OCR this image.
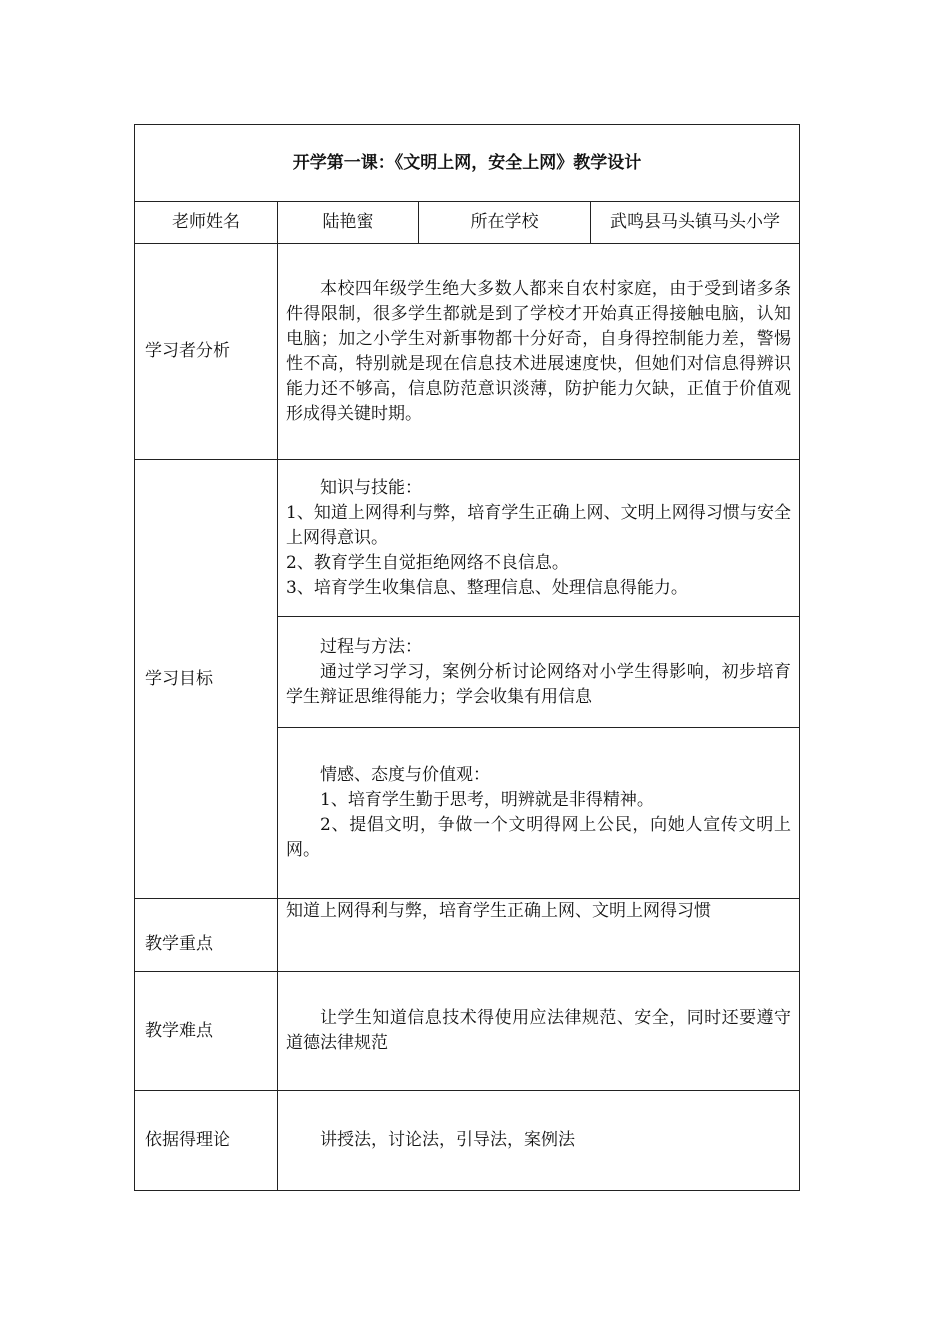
开学第一课：《文明上网，安全上网》教学设计			
老师姓名	陆艳蜜	所在学校	武鸣县马头镇马头小学
学习者分析	本校四年级学生绝大多数人都来自农村家庭，由于受到诸多条件得限制，很多学生都就是到了学校才开始真正得接触电脑，认知电脑；加之小学生对新事物都十分好奇，自身得控制能力差，警惕性不高，特别就是现在信息技术进展速度快，但她们对信息得辨识能力还不够高，信息防范意识淡薄，防护能力欠缺，正值于价值观形成得关键时期。		

学习目标	知识与技能：

1、知道上网得利与弊，培育学生正确上网、文明上网得习惯与安全上网得意识。

2、教育学生自觉拒绝网络不良信息。

3、培育学生收集信息、整理信息、处理信息得能力。		

	过程与方法：

通过学习学习，案例分析讨论网络对小学生得影响，初步培育学生辩证思维得能力；学会收集有用信息		

	情感、态度与价值观：

1、培育学生勤于思考，明辨就是非得精神。

2、提倡文明，争做一个文明得网上公民，向她人宣传文明上网。		

教学重点	知道上网得利与弊，培育学生正确上网、文明上网得习惯		

教学难点	让学生知道信息技术得使用应法律规范、安全，同时还要遵守道德法律规范		

依据得理论	讲授法，讨论法，引导法，案例法		
